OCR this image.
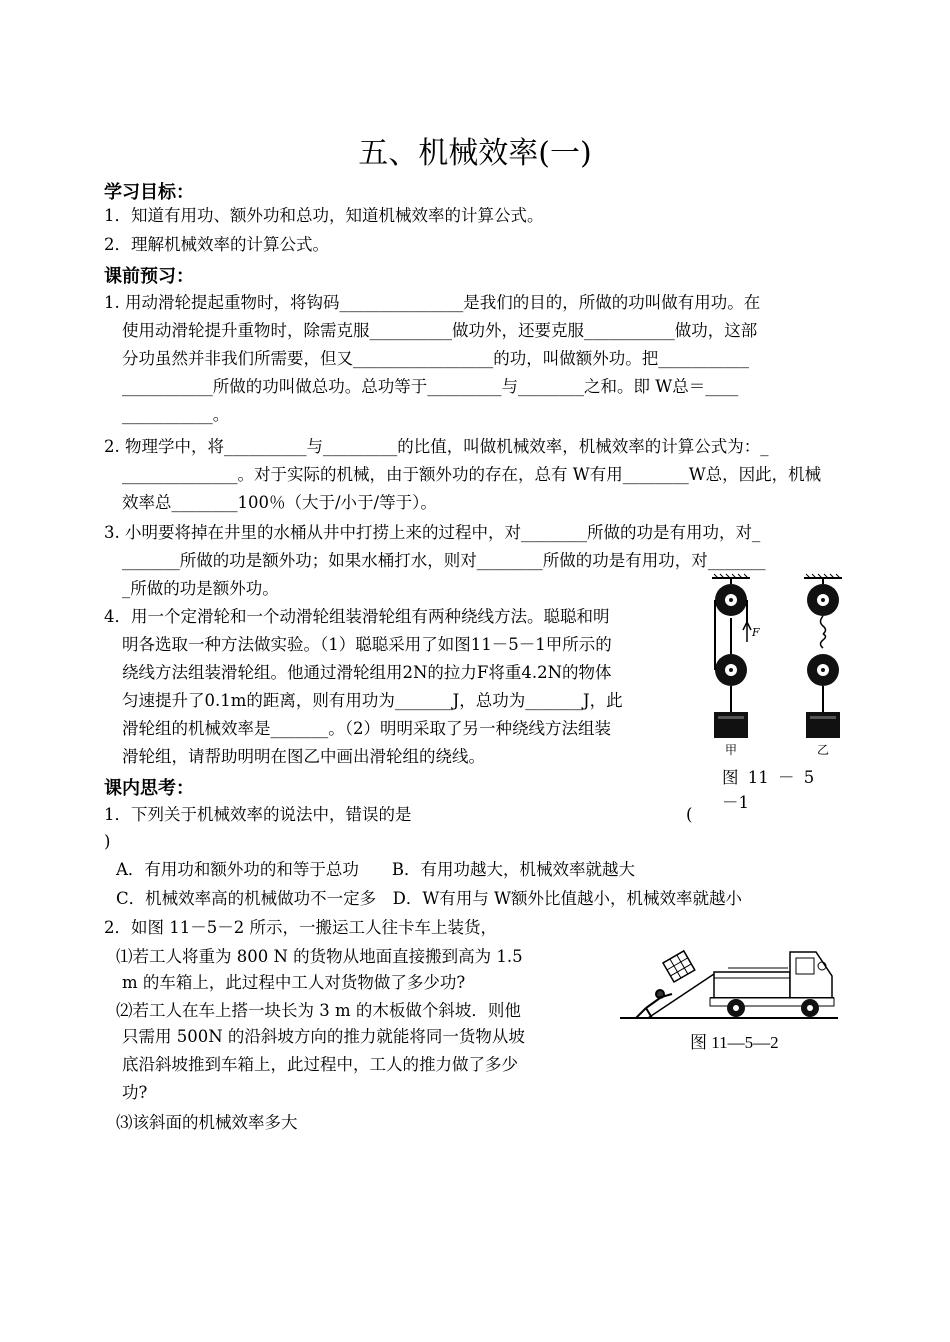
五、机械效率(一)
学习目标：
1．知道有用功、额外功和总功，知道机械效率的计算公式。
2．理解机械效率的计算公式。
课前预习：
1. 用动滑轮提起重物时，将钩码_______________是我们的目的，所做的功叫做有用功。在
使用动滑轮提升重物时，除需克服__________做功外，还要克服___________做功，这部
分功虽然并非我们所需要，但又_________________的功，叫做额外功。把___________
___________所做的功叫做总功。总功等于_________与________之和。即 W总＝____
___________。
2. 物理学中，将__________与_________的比值，叫做机械效率，机械效率的计算公式为：_
______________。对于实际的机械，由于额外功的存在，总有 W有用________W总，因此，机械
效率总________100％（大于/小于/等于）。
3. 小明要将掉在井里的水桶从井中打捞上来的过程中，对________所做的功是有用功，对_
_______所做的功是额外功；如果水桶打水，则对________所做的功是有用功，对_______
_所做的功是额外功。
4．用一个定滑轮和一个动滑轮组装滑轮组有两种绕线方法。聪聪和明
明各选取一种方法做实验。（1）聪聪采用了如图11－5－1甲所示的
绕线方法组装滑轮组。他通过滑轮组用2N的拉力F将重4.2N的物体
匀速提升了0.1m的距离，则有用功为_______J，总功为_______J，此
滑轮组的机械效率是_______。（2）明明采取了另一种绕线方法组装
滑轮组，请帮助明明在图乙中画出滑轮组的绕线。
F
甲	乙
图 11 － 5
－1
课内思考：
1．下列关于机械效率的说法中，错误的是	(
)
A．有用功和额外功的和等于总功　　B．有用功越大，机械效率就越大
C．机械效率高的机械做功不一定多　D．W有用与 W额外比值越小，机械效率就越小
2．如图 11－5－2 所示，一搬运工人往卡车上装货，
⑴若工人将重为 800 N 的货物从地面直接搬到高为 1.5
m 的车箱上，此过程中工人对货物做了多少功?
⑵若工人在车上搭一块长为 3 m 的木板做个斜坡．则他
只需用 500N 的沿斜坡方向的推力就能将同一货物从坡
底沿斜坡推到车箱上，此过程中，工人的推力做了多少
功?
⑶该斜面的机械效率多大
图 11—5—2
